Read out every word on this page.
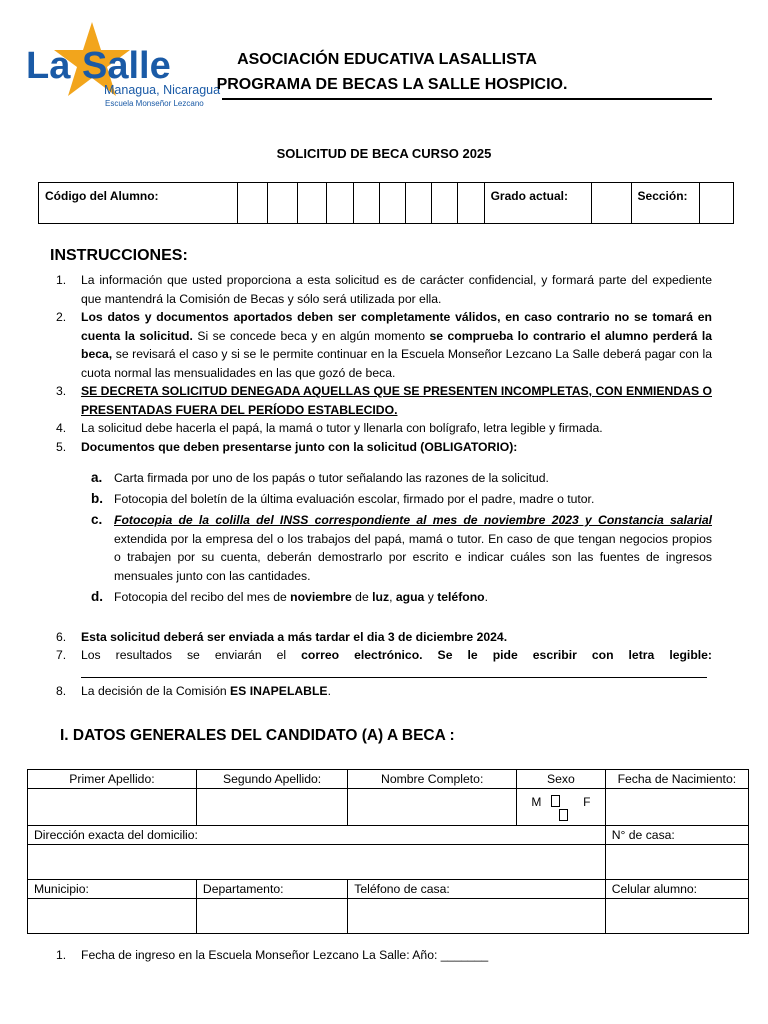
La Salle
Managua, Nicaragua
Escuela Monseñor Lezcano
ASOCIACIÓN EDUCATIVA LASALLISTA
PROGRAMA DE BECAS LA SALLE HOSPICIO.
SOLICITUD DE BECA CURSO 2025
Código del Alumno:										Grado actual:		Sección:	
INSTRUCCIONES:
1. La información que usted proporciona a esta solicitud es de carácter confidencial, y formará parte del expediente que mantendrá la Comisión de Becas y sólo será utilizada por ella.
2. Los datos y documentos aportados deben ser completamente válidos, en caso contrario no se tomará en cuenta la solicitud. Si se concede beca y en algún momento se comprueba lo contrario el alumno perderá la beca, se revisará el caso y si se le permite continuar en la Escuela Monseñor Lezcano La Salle deberá pagar con la cuota normal las mensualidades en las que gozó de beca.
3. SE DECRETA SOLICITUD DENEGADA AQUELLAS QUE SE PRESENTEN INCOMPLETAS, CON ENMIENDAS O PRESENTADAS FUERA DEL PERÍODO ESTABLECIDO.
4. La solicitud debe hacerla el papá, la mamá o tutor y llenarla con bolígrafo, letra legible y firmada.
5. Documentos que deben presentarse junto con la solicitud (OBLIGATORIO):
a. Carta firmada por uno de los papás o tutor señalando las razones de la solicitud.
b. Fotocopia del boletín de la última evaluación escolar, firmado por el padre, madre o tutor.
c. Fotocopia de la colilla del INSS correspondiente al mes de noviembre 2023 y Constancia salarial extendida por la empresa del o los trabajos del papá, mamá o tutor. En caso de que tengan negocios propios o trabajen por su cuenta, deberán demostrarlo por escrito e indicar cuáles son las fuentes de ingresos mensuales junto con las cantidades.
d. Fotocopia del recibo del mes de noviembre de luz, agua y teléfono.
6. Esta solicitud deberá ser enviada a más tardar el dia 3 de diciembre 2024.
7. Los resultados se enviarán el correo electrónico. Se le pide escribir con letra legible:
8. La decisión de la Comisión ES INAPELABLE.
I. DATOS GENERALES DEL CANDIDATO (A) A BECA :
Primer Apellido:	Segundo Apellido:	Nombre Completo:	Sexo	Fecha de Nacimiento:

			M F	

Dirección exacta del domicilio:				N° de casa:

Municipio:	Departamento:	Teléfono de casa:		Celular alumno:

1. Fecha de ingreso en la Escuela Monseñor Lezcano La Salle: Año: _______
